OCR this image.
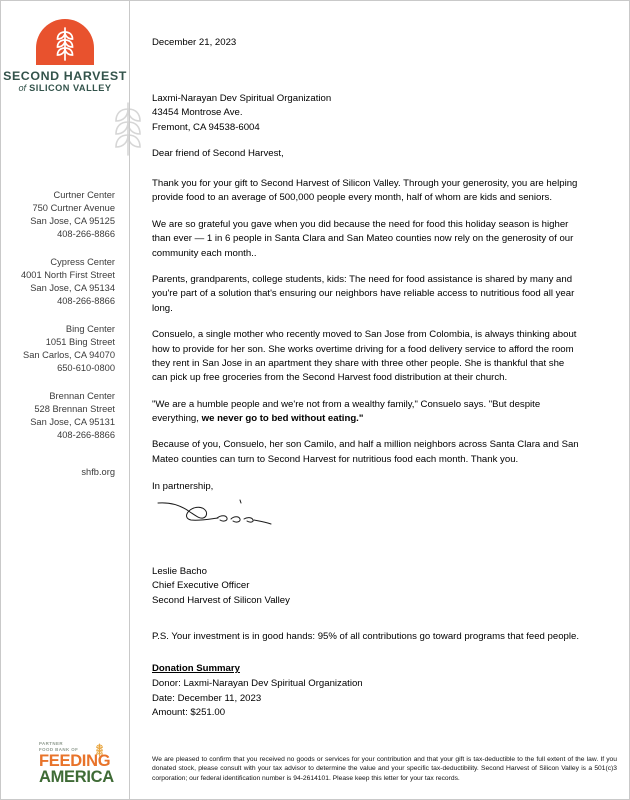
SECOND HARVEST
of SILICON VALLEY
Curtner Center
750 Curtner Avenue
San Jose, CA 95125
408-266-8866
Cypress Center
4001 North First Street
San Jose, CA 95134
408-266-8866
Bing Center
1051 Bing Street
San Carlos, CA 94070
650-610-0800
Brennan Center
528 Brennan Street
San Jose, CA 95131
408-266-8866
shfb.org
PARTNER
FOOD BANK OF
FEEDING
AMERICA
December 21, 2023
Laxmi-Narayan Dev Spiritual Organization
43454 Montrose Ave.
Fremont, CA 94538-6004
Dear friend of Second Harvest,

Thank you for your gift to Second Harvest of Silicon Valley. Through your generosity, you are helping provide food to an average of 500,000 people every month, half of whom are kids and seniors.

We are so grateful you gave when you did because the need for food this holiday season is higher than ever — 1 in 6 people in Santa Clara and San Mateo counties now rely on the generosity of our community each month..

Parents, grandparents, college students, kids: The need for food assistance is shared by many and you're part of a solution that's ensuring our neighbors have reliable access to nutritious food all year long.

Consuelo, a single mother who recently moved to San Jose from Colombia, is always thinking about how to provide for her son. She works overtime driving for a food delivery service to afford the room they rent in San Jose in an apartment they share with three other people. She is thankful that she can pick up free groceries from the Second Harvest food distribution at their church.

"We are a humble people and we're not from a wealthy family," Consuelo says. "But despite everything, we never go to bed without eating."

Because of you, Consuelo, her son Camilo, and half a million neighbors across Santa Clara and San Mateo counties can turn to Second Harvest for nutritious food each month. Thank you.

In partnership,
Leslie Bacho
Chief Executive Officer
Second Harvest of Silicon Valley
P.S. Your investment is in good hands: 95% of all contributions go toward programs that feed people.
Donation Summary
Donor: Laxmi-Narayan Dev Spiritual Organization
Date: December 11, 2023
Amount: $251.00
We are pleased to confirm that you received no goods or services for your contribution and that your gift is tax-deductible to the full extent of the law. If you donated stock, please consult with your tax advisor to determine the value and your specific tax-deductibility. Second Harvest of Silicon Valley is a 501(c)3 corporation; our federal identification number is 94-2614101. Please keep this letter for your tax records.
